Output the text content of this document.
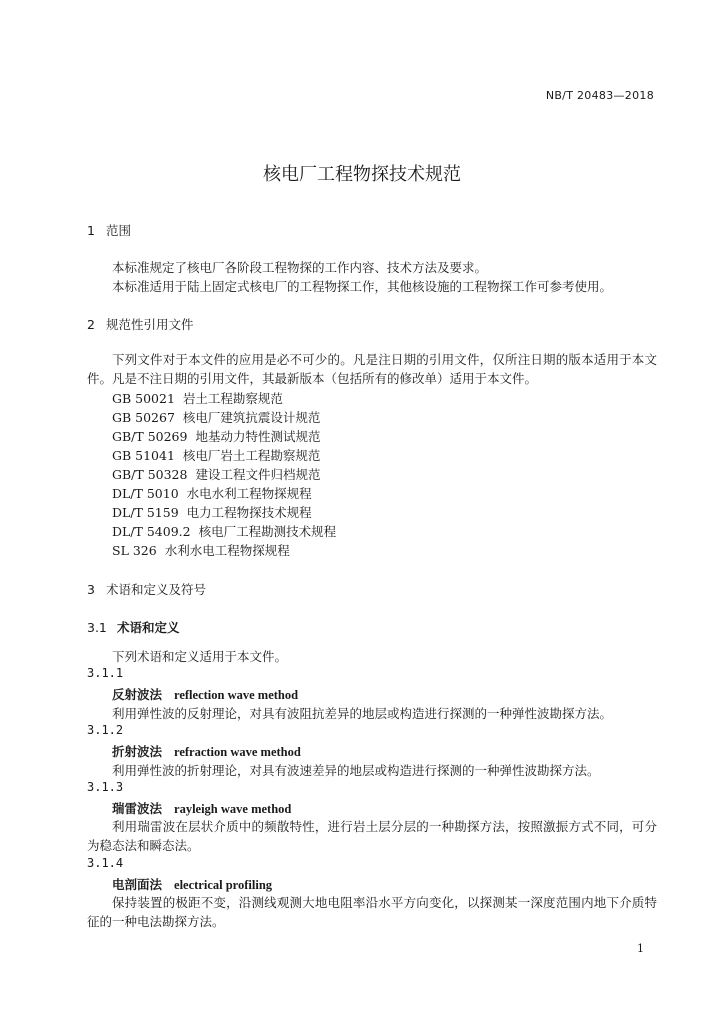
NB/T 20483—2018
核电厂工程物探技术规范
1 范围
本标准规定了核电厂各阶段工程物探的工作内容、技术方法及要求。
本标准适用于陆上固定式核电厂的工程物探工作，其他核设施的工程物探工作可参考使用。
2 规范性引用文件
下列文件对于本文件的应用是必不可少的。凡是注日期的引用文件，仅所注日期的版本适用于本文件。凡是不注日期的引用文件，其最新版本（包括所有的修改单）适用于本文件。
GB 50021 岩土工程勘察规范
GB 50267 核电厂建筑抗震设计规范
GB/T 50269 地基动力特性测试规范
GB 51041 核电厂岩土工程勘察规范
GB/T 50328 建设工程文件归档规范
DL/T 5010 水电水利工程物探规程
DL/T 5159 电力工程物探技术规程
DL/T 5409.2 核电厂工程勘测技术规程
SL 326 水利水电工程物探规程
3 术语和定义及符号
3.1 术语和定义
下列术语和定义适用于本文件。
3.1.1
反射波法 reflection wave method
利用弹性波的反射理论，对具有波阻抗差异的地层或构造进行探测的一种弹性波勘探方法。
3.1.2
折射波法 refraction wave method
利用弹性波的折射理论，对具有波速差异的地层或构造进行探测的一种弹性波勘探方法。
3.1.3
瑞雷波法 rayleigh wave method
利用瑞雷波在层状介质中的频散特性，进行岩土层分层的一种勘探方法，按照激振方式不同，可分为稳态法和瞬态法。
3.1.4
电剖面法 electrical profiling
保持装置的极距不变，沿测线观测大地电阻率沿水平方向变化，以探测某一深度范围内地下介质特征的一种电法勘探方法。
1
